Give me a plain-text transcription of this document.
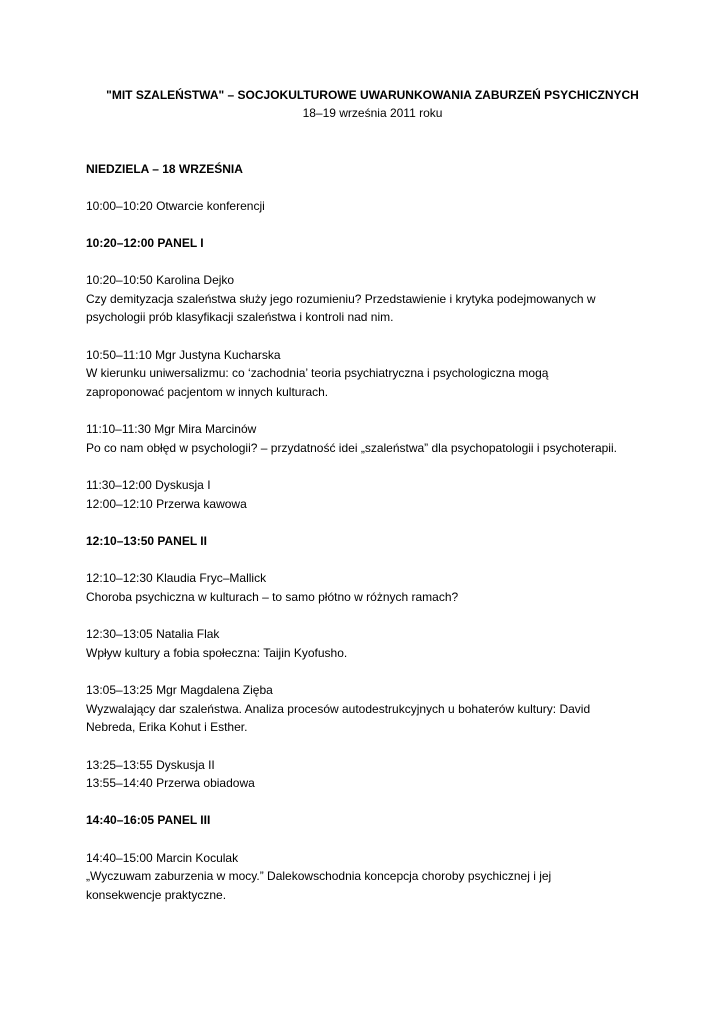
"MIT SZALEŃSTWA" – SOCJOKULTUROWE UWARUNKOWANIA ZABURZEŃ PSYCHICZNYCH

18–19 września 2011 roku

NIEDZIELA – 18 WRZEŚNIA

10:00–10:20 Otwarcie konferencji

10:20–12:00 PANEL I

10:20–10:50 Karolina Dejko

Czy demityzacja szaleństwa służy jego rozumieniu? Przedstawienie i krytyka podejmowanych w

psychologii prób klasyfikacji szaleństwa i kontroli nad nim.

10:50–11:10 Mgr Justyna Kucharska

W kierunku uniwersalizmu: co ‘zachodnia’ teoria psychiatryczna i psychologiczna mogą

zaproponować pacjentom w innych kulturach.

11:10–11:30 Mgr Mira Marcinów

Po co nam obłęd w psychologii? – przydatność idei „szaleństwa” dla psychopatologii i psychoterapii.

11:30–12:00 Dyskusja I

12:00–12:10 Przerwa kawowa

12:10–13:50 PANEL II

12:10–12:30 Klaudia Fryc–Mallick

Choroba psychiczna w kulturach – to samo płótno w różnych ramach?

12:30–13:05 Natalia Flak

Wpływ kultury a fobia społeczna: Taijin Kyofusho.

13:05–13:25 Mgr Magdalena Zięba

Wyzwalający dar szaleństwa. Analiza procesów autodestrukcyjnych u bohaterów kultury: David

Nebreda, Erika Kohut i Esther.

13:25–13:55 Dyskusja II

13:55–14:40 Przerwa obiadowa

14:40–16:05 PANEL III

14:40–15:00 Marcin Koculak

„Wyczuwam zaburzenia w mocy.” Dalekowschodnia koncepcja choroby psychicznej i jej

konsekwencje praktyczne.
